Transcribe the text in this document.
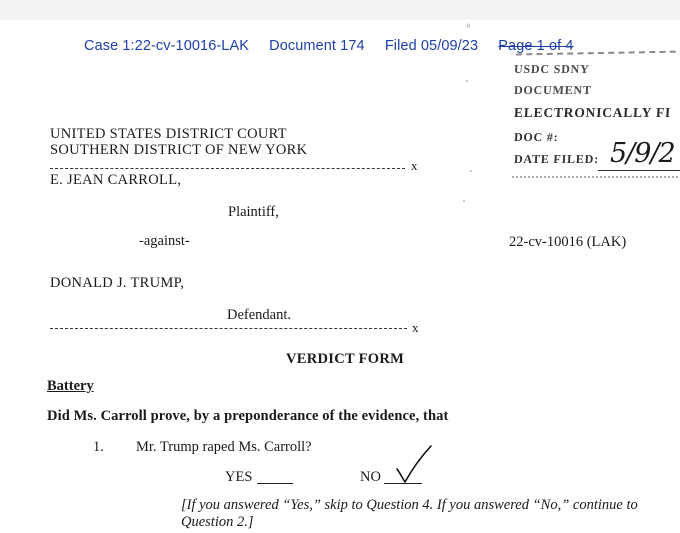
Case 1:22-cv-10016-LAK Document 174 Filed 05/09/23 Page 1 of 4
ᐞ
USDC SDNY
DOCUMENT
ELECTRONICALLY FI
DOC #:
DATE FILED: 5/9/2
UNITED STATES DISTRICT COURT
SOUTHERN DISTRICT OF NEW YORK
x
E. JEAN CARROLL,
Plaintiff,
-against-	22-cv-10016 (LAK)
DONALD J. TRUMP,
Defendant.
x
VERDICT FORM
Battery
Did Ms. Carroll prove, by a preponderance of the evidence, that
1. Mr. Trump raped Ms. Carroll?
YES	NO
[If you answered “Yes,” skip to Question 4. If you answered “No,” continue to Question 2.]
